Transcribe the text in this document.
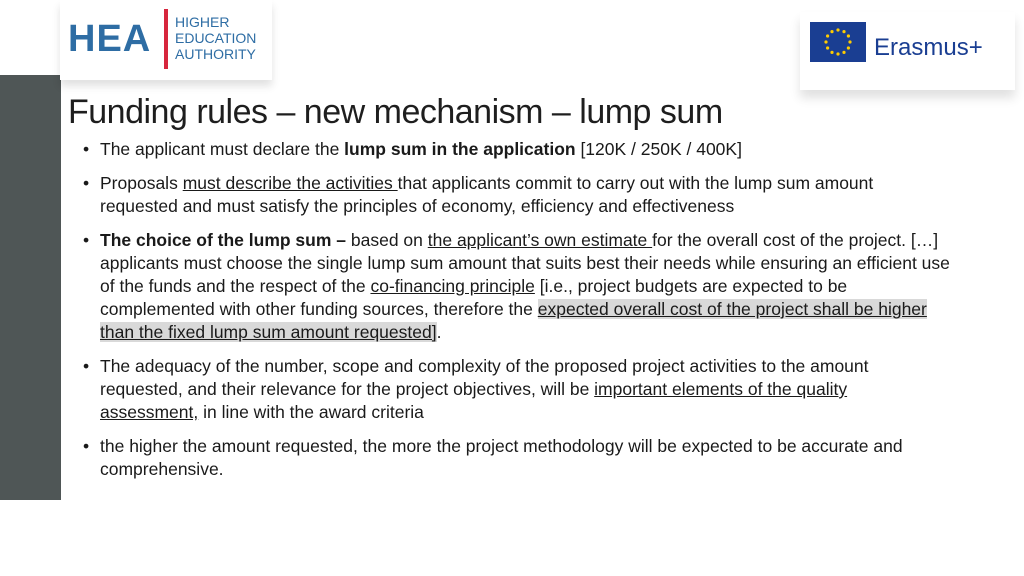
HEA HIGHER
EDUCATION
AUTHORITY	Erasmus+
Funding rules – new mechanism – lump sum
• The applicant must declare the lump sum in the application [120K / 250K / 400K]
• Proposals must describe the activities that applicants commit to carry out with the lump sum amount requested and must satisfy the principles of economy, efficiency and effectiveness
• The choice of the lump sum – based on the applicant’s own estimate for the overall cost of the project. […] applicants must choose the single lump sum amount that suits best their needs while ensuring an efficient use of the funds and the respect of the co-financing principle [i.e., project budgets are expected to be complemented with other funding sources, therefore the expected overall cost of the project shall be higher than the fixed lump sum amount requested].
• The adequacy of the number, scope and complexity of the proposed project activities to the amount requested, and their relevance for the project objectives, will be important elements of the quality assessment, in line with the award criteria
• the higher the amount requested, the more the project methodology will be expected to be accurate and comprehensive.
